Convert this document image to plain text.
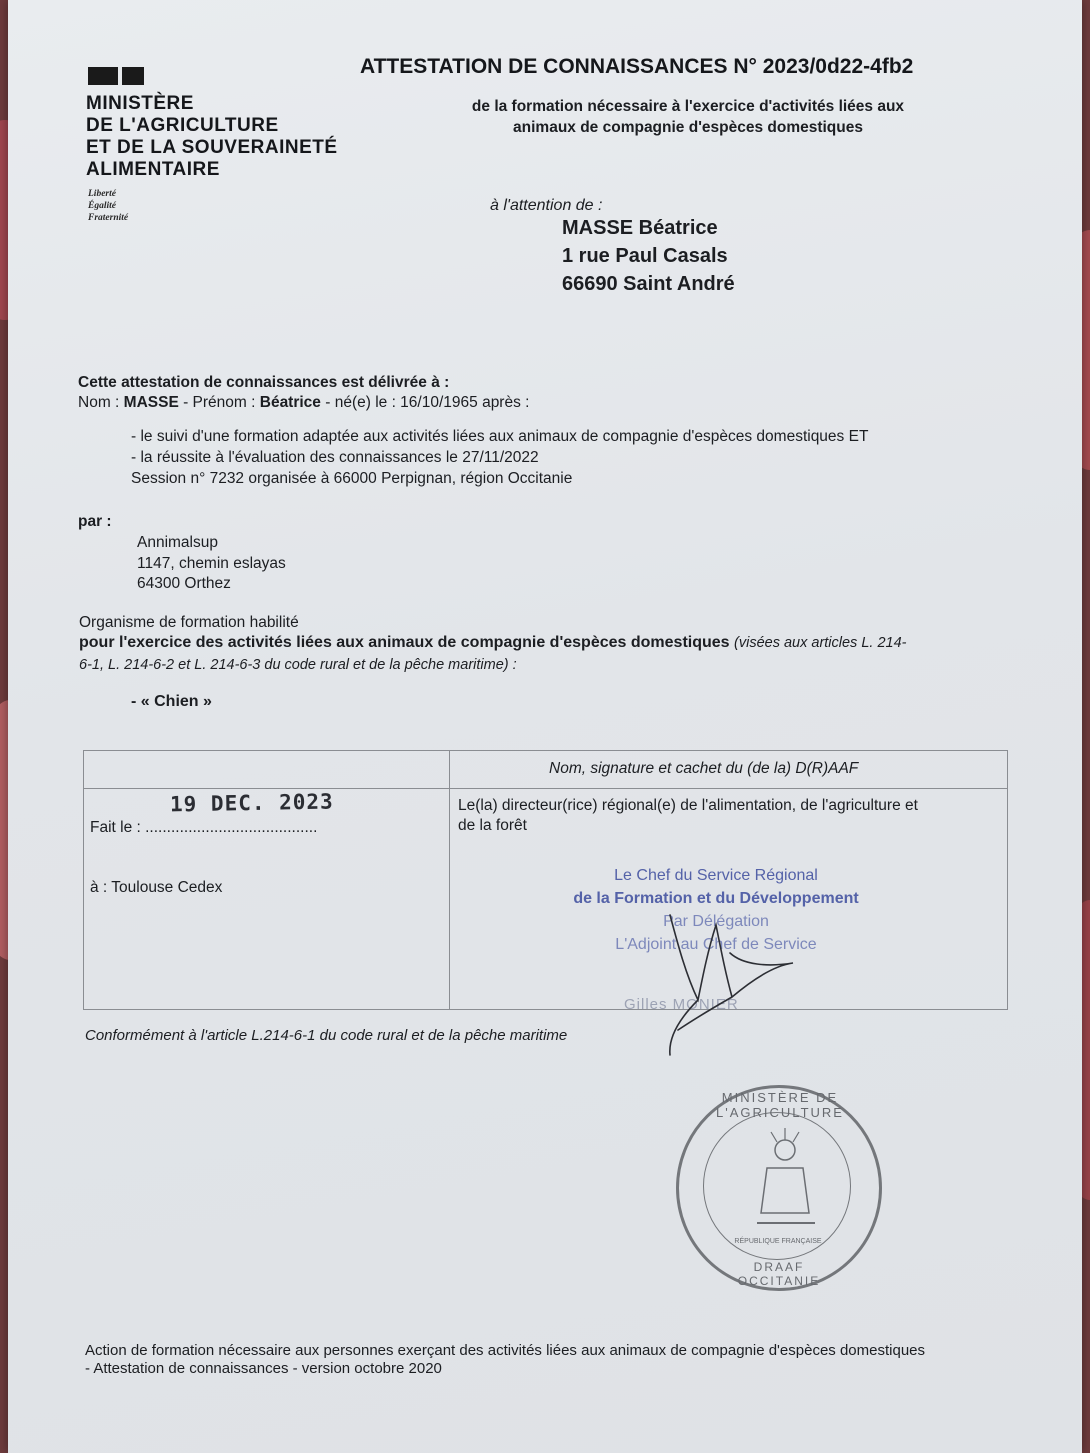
MINISTÈRE
DE L'AGRICULTURE
ET DE LA SOUVERAINETÉ
ALIMENTAIRE
Liberté
Égalité
Fraternité
ATTESTATION DE CONNAISSANCES N° 2023/0d22-4fb2
de la formation nécessaire à l'exercice d'activités liées aux
animaux de compagnie d'espèces domestiques
à l'attention de :
MASSE Béatrice
1 rue Paul Casals
66690 Saint André
Cette attestation de connaissances est délivrée à :
Nom : MASSE - Prénom : Béatrice - né(e) le : 16/10/1965 après :
- le suivi d'une formation adaptée aux activités liées aux animaux de compagnie d'espèces domestiques ET
- la réussite à l'évaluation des connaissances le 27/11/2022
Session n° 7232 organisée à 66000 Perpignan, région Occitanie
par :
Annimalsup
1147, chemin eslayas
64300 Orthez
Organisme de formation habilité
pour l'exercice des activités liées aux animaux de compagnie d'espèces domestiques (visées aux articles L. 214-
6-1, L. 214-6-2 et L. 214-6-3 du code rural et de la pêche maritime) :
- « Chien »
Nom, signature et cachet du (de la) D(R)AAF
19 DEC. 2023
Fait le : ........................................
à : Toulouse Cedex
Le(la) directeur(rice) régional(e) de l'alimentation, de l'agriculture et
de la forêt
Le Chef du Service Régional
de la Formation et du Développement
Par Délégation
L'Adjoint au Chef de Service
Gilles MONIER
Conformément à l'article L.214-6-1 du code rural et de la pêche maritime
MINISTÈRE DE L'AGRICULTURE
RÉPUBLIQUE FRANÇAISE
DRAAF OCCITANIE
Action de formation nécessaire aux personnes exerçant des activités liées aux animaux de compagnie d'espèces domestiques
- Attestation de connaissances - version octobre 2020
